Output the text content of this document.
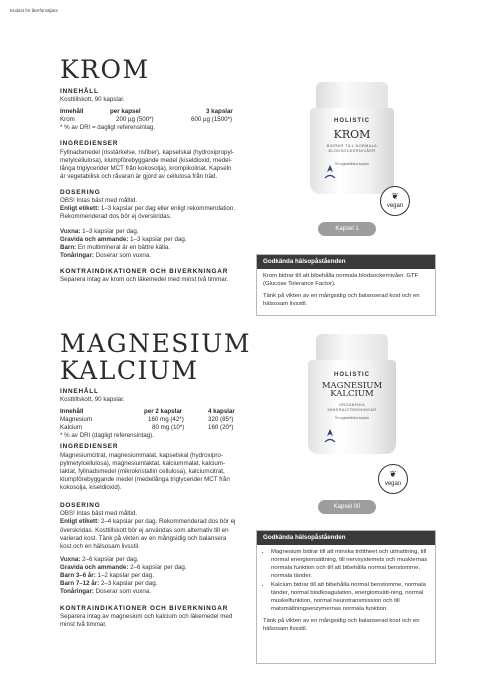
Endast för återförsäljare
KROM
INNEHÅLL
Kosttillskott, 90 kapslar.
Innehåll	per kapsel	3 kapslar
Krom	200 µg (500*)	600 µg (1500*)
* % av DRI = dagligt referensintag.
INGREDIENSER
Fyllnadsmedel (risstärkelse, risfiber), kapselskal (hydroxipropyl-
metylcellulosa), klumpförebyggande medel (kiseldioxid, medel-
långa triglycerider MCT från kokosolja), krompikolinat. Kapseln
är vegetabilisk och råvaran är gjord av cellulosa från träd.
DOSERING
OBS! Intas bäst med måltid.
Enligt etikett: 1–3 kapslar per dag eller enligt rekommendation.
Rekommenderad dos bör ej överskridas.
Vuxna: 1–3 kapslar per dag.
Gravida och ammande: 1–3 kapslar per dag.
Barn: En multimineral är en bättre källa.
Tonåringar: Doserar som vuxna.
KONTRAINDIKATIONER OCH BIVERKNINGAR
Separera intag av krom och läkemedel med minst två timmar.
HOLISTIC
KROM
BIDRAR TILL NORMALA
BLODSOCKERNIVÅER
90 vegetabiliska kapslar
❦
vegan
Kapsel 1
Godkända hälsopåståenden

Krom bidrar till att bibehålla normala blodsockernivåer. GTF (Glucose Tolerance Factor).

Tänk på vikten av en mångsidig och balanserad kost och en hälsosam livsstil.

MAGNESIUM
KALCIUM
INNEHÅLL
Kosttillskott, 90 kapslar.
Innehåll	per 2 kapslar	4 kapslar
Magnesium	160 mg (42*)	320 (85*)
Kalcium	80 mg (10*)	160 (20*)
* % av DRI (dagligt referensintag).
INGREDIENSER
Magnesiumcitrat, magnesiummalat, kapselskal (hydroxipro-
pylmetylcellulosa), magnesiumlaktat, kalciummalat, kalcium-
laktat, fyllnadsmedel (mikrokristallin cellulosa), kalciumcitrat,
klumpförebyggande medel (medellånga triglycerider MCT från
kokosolja, kiseldioxid).
DOSERING
OBS! Intas bäst med måltid.
Enligt etikett: 2–4 kapslar per dag. Rekommenderad dos bör ej
överskridas. Kosttillskott bör ej användas som alternativ till en
varierad kost. Tänk på vikten av en mångsidig och balansera
kost och en hälsosam livsstil.
Vuxna: 2–6 kapslar per dag.
Gravida och ammande: 2–6 kapslar per dag.
Barn 3–6 år: 1–2 kapslar per dag.
Barn 7–12 år: 2–3 kapslar per dag.
Tonåringar: Doserar som vuxna.
KONTRAINDIKATIONER OCH BIVERKNINGAR
Separera intag av magnesium och kalcium och läkemedel med
minst två timmar.
HOLISTIC
MAGNESIUM
KALCIUM
ORGANISKA
MINERALFÖRENINGAR
90 vegetabiliska kapslar
❦
vegan
Kapsel 00
Godkända hälsopåståenden
• Magnesium bidrar till att minska tröttheet och utmattning, till normal energiomsättning, till nervsystemets och musklernas normala funktion och till att bibehålla normal benstomme, normala tänder.
• Kalcium bidrar till att bibehålla normal benstomme, normala tänder, normal blodkoagulation, energiomsätt-ning, normal muskelfunktion, normal neurotransmission och till matsmältningsenzymernas normala funktion.

Tänk på vikten av en mångsidig och balanserad kost och en hälsosam livsstil.
